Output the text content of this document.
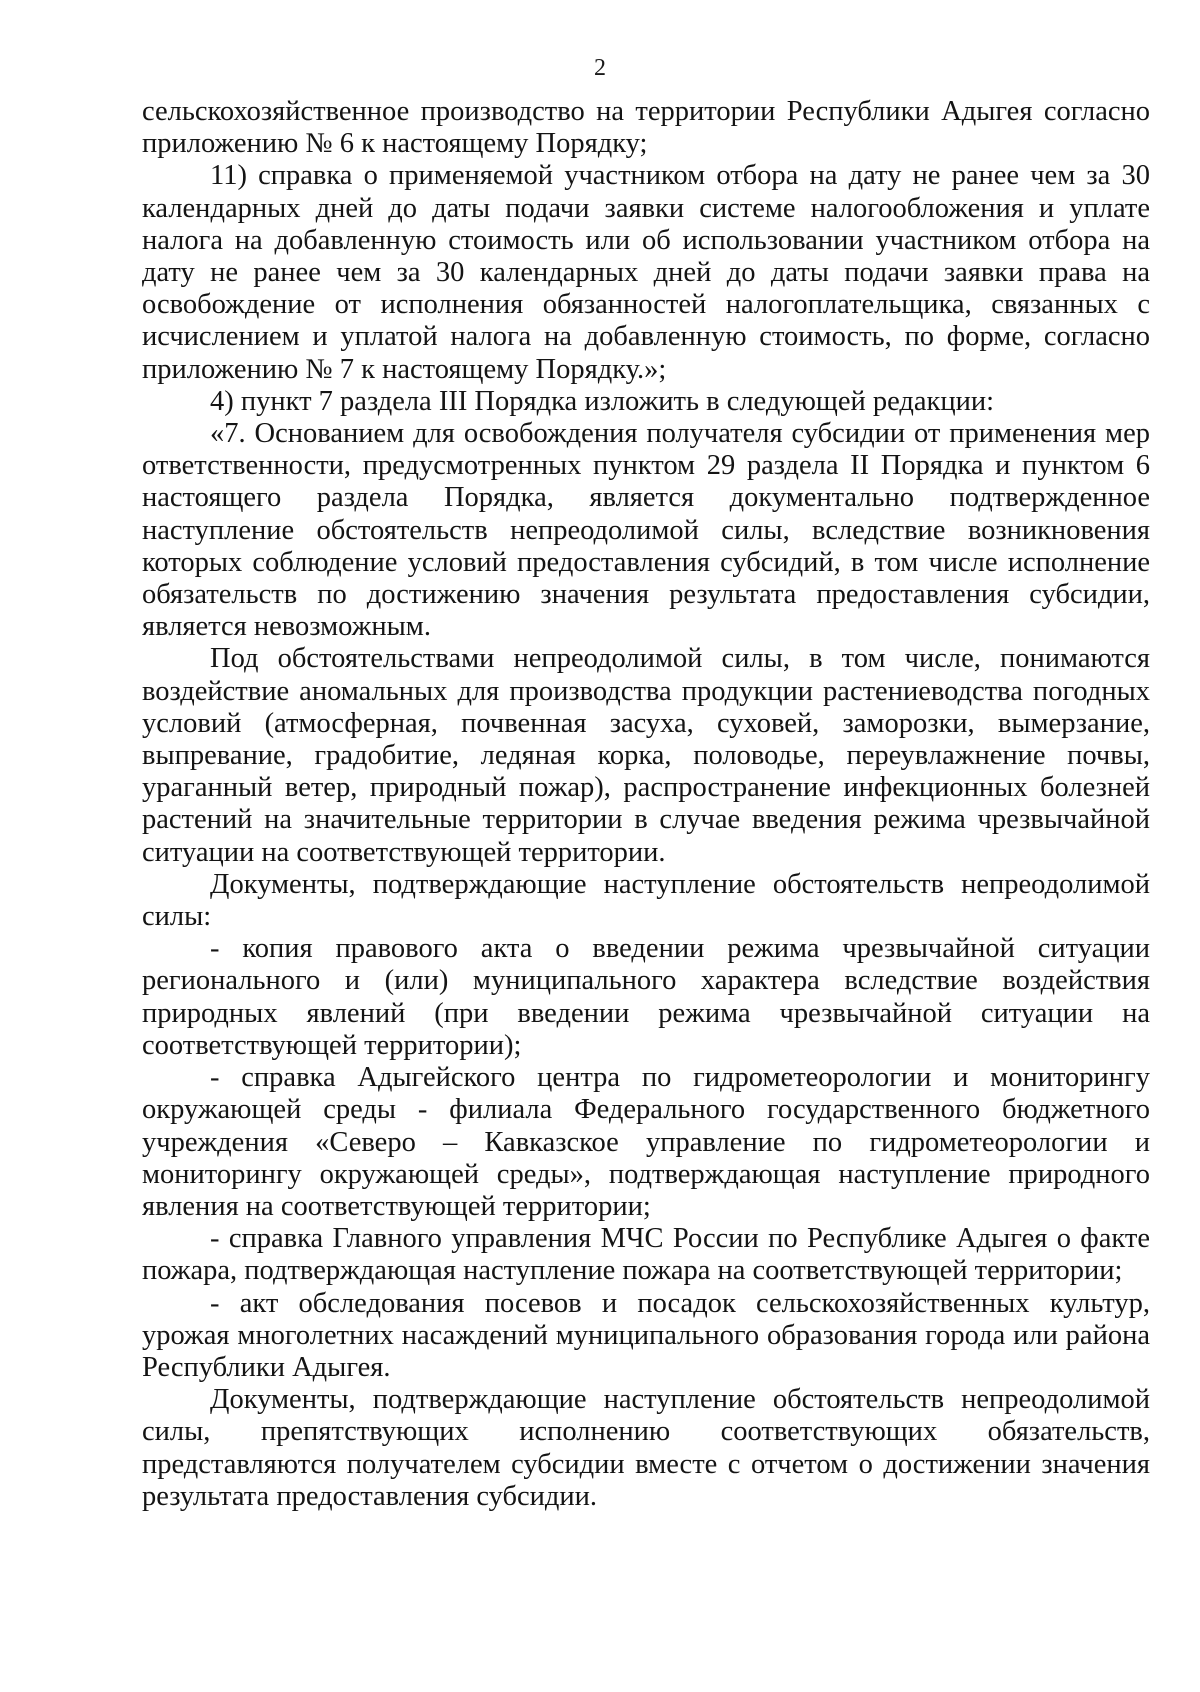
2

сельскохозяйственное производство на территории Республики Адыгея согласно приложению № 6 к настоящему Порядку;

11) справка о применяемой участником отбора на дату не ранее чем за 30 календарных дней до даты подачи заявки системе налогообложения и уплате налога на добавленную стоимость или об использовании участником отбора на дату не ранее чем за 30 календарных дней до даты подачи заявки права на освобождение от исполнения обязанностей налогоплательщика, связанных с исчислением и уплатой налога на добавленную стоимость, по форме, согласно приложению № 7 к настоящему Порядку.»;

4) пункт 7 раздела III Порядка изложить в следующей редакции:

«7. Основанием для освобождения получателя субсидии от применения мер ответственности, предусмотренных пунктом 29 раздела II Порядка и пунктом 6 настоящего раздела Порядка, является документально подтвержденное наступление обстоятельств непреодолимой силы, вследствие возникновения которых соблюдение условий предоставления субсидий, в том числе исполнение обязательств по достижению значения результата предоставления субсидии, является невозможным.

Под обстоятельствами непреодолимой силы, в том числе, понимаются воздействие аномальных для производства продукции растениеводства погодных условий (атмосферная, почвенная засуха, суховей, заморозки, вымерзание, выпревание, градобитие, ледяная корка, половодье, переувлажнение почвы, ураганный ветер, природный пожар), распространение инфекционных болезней растений на значительные территории в случае введения режима чрезвычайной ситуации на соответствующей территории.

Документы, подтверждающие наступление обстоятельств непреодолимой силы:

- копия правового акта о введении режима чрезвычайной ситуации регионального и (или) муниципального характера вследствие воздействия природных явлений (при введении режима чрезвычайной ситуации на соответствующей территории);

- справка Адыгейского центра по гидрометеорологии и мониторингу окружающей среды - филиала Федерального государственного бюджетного учреждения «Северо – Кавказское управление по гидрометеорологии и мониторингу окружающей среды», подтверждающая наступление природного явления на соответствующей территории;

- справка Главного управления МЧС России по Республике Адыгея о факте пожара, подтверждающая наступление пожара на соответствующей территории;

- акт обследования посевов и посадок сельскохозяйственных культур, урожая многолетних насаждений муниципального образования города или района Республики Адыгея.

Документы, подтверждающие наступление обстоятельств непреодолимой силы, препятствующих исполнению соответствующих обязательств, представляются получателем субсидии вместе с отчетом о достижении значения результата предоставления субсидии.
